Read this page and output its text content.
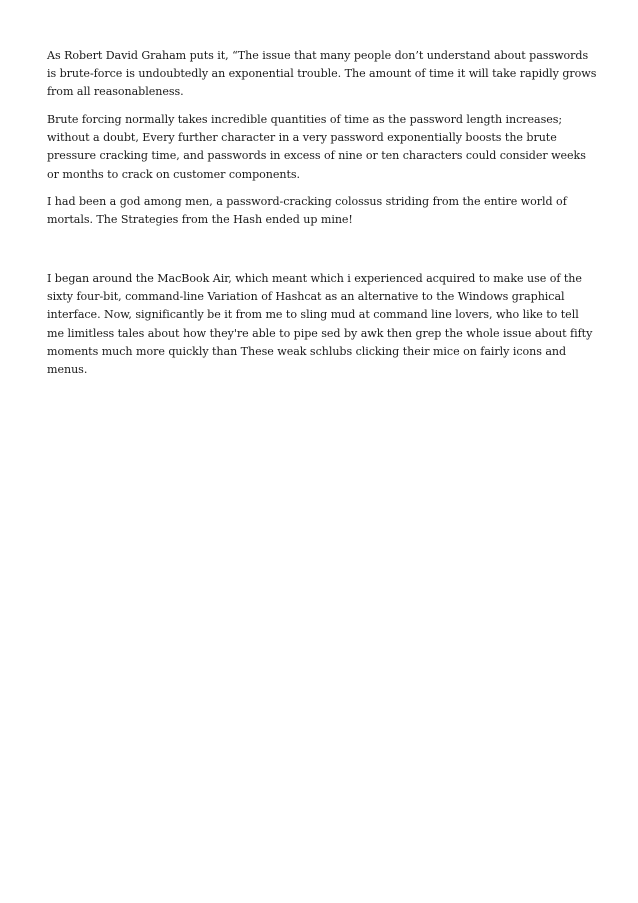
As Robert David Graham puts it, “The issue that many people don’t understand about passwords is brute-force is undoubtedly an exponential trouble. The amount of time it will take rapidly grows from all reasonableness.

Brute forcing normally takes incredible quantities of time as the password length increases; without a doubt, Every further character in a very password exponentially boosts the brute pressure cracking time, and passwords in excess of nine or ten characters could consider weeks or months to crack on customer components.

I had been a god among men, a password-cracking colossus striding from the entire world of mortals. The Strategies from the Hash ended up mine!

I began around the MacBook Air, which meant which i experienced acquired to make use of the sixty four-bit, command-line Variation of Hashcat as an alternative to the Windows graphical interface. Now, significantly be it from me to sling mud at command line lovers, who like to tell me limitless tales about how they're able to pipe sed by awk then grep the whole issue about fifty moments much more quickly than These weak schlubs clicking their mice on fairly icons and menus.
